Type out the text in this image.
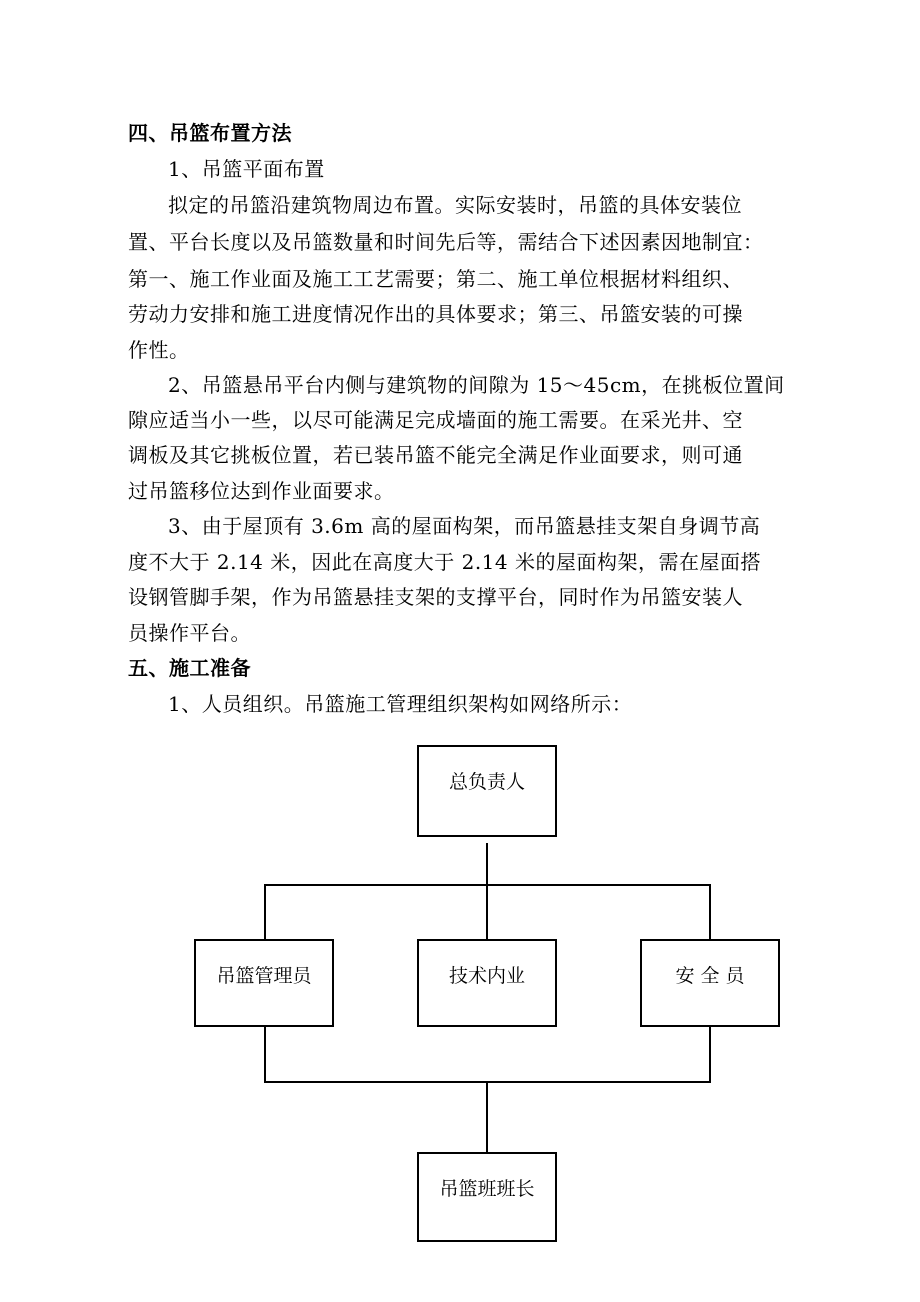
四、吊篮布置方法
1、吊篮平面布置
拟定的吊篮沿建筑物周边布置。实际安装时，吊篮的具体安装位
置、平台长度以及吊篮数量和时间先后等，需结合下述因素因地制宜：
第一、施工作业面及施工工艺需要；第二、施工单位根据材料组织、
劳动力安排和施工进度情况作出的具体要求；第三、吊篮安装的可操
作性。
2、吊篮悬吊平台内侧与建筑物的间隙为 15～45cm，在挑板位置间
隙应适当小一些，以尽可能满足完成墙面的施工需要。在采光井、空
调板及其它挑板位置，若已装吊篮不能完全满足作业面要求，则可通
过吊篮移位达到作业面要求。
3、由于屋顶有 3.6m 高的屋面构架，而吊篮悬挂支架自身调节高
度不大于 2.14 米，因此在高度大于 2.14 米的屋面构架，需在屋面搭
设钢管脚手架，作为吊篮悬挂支架的支撑平台，同时作为吊篮安装人
员操作平台。
五、施工准备
1、人员组织。吊篮施工管理组织架构如网络所示：
总负责人
吊篮管理员	技术内业	安 全 员
吊篮班班长
